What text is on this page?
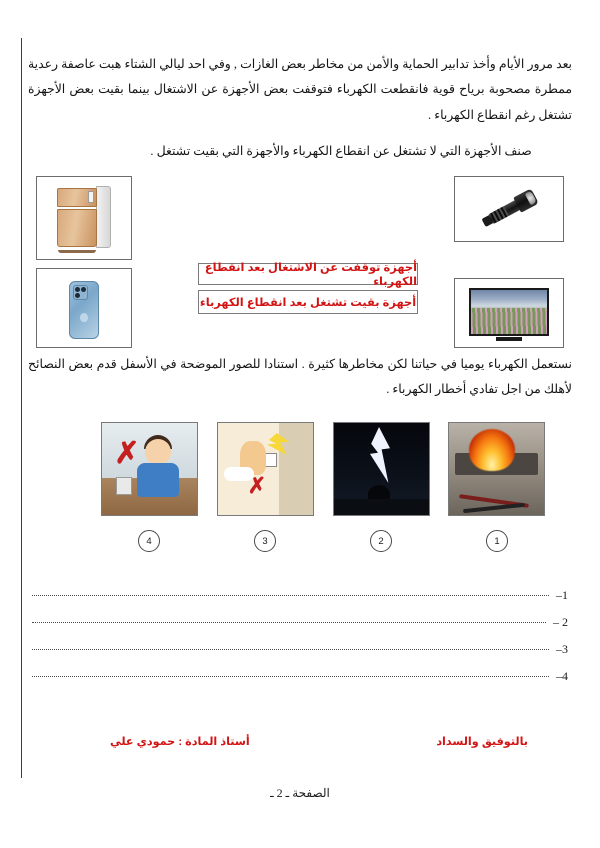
بعد مرور الأيام وأخذ تدابير الحماية والأمن من مخاطر بعض الغازات , وفي احد ليالي الشتاء هبت عاصفة رعدية ممطرة مصحوبة برياح قوية فانقطعت الكهرباء فتوقفت بعض الأجهزة عن الاشتغال بينما بقيت بعض الأجهزة تشتغل رغم انقطاع الكهرباء .
صنف الأجهزة التي لا تشتغل عن انقطاع الكهرباء والأجهزة التي بقيت تشتغل .
أجهزة توقفت عن الاشتغال بعد انقطاع الكهرباء
أجهزة بقيت تشتغل بعد انقطاع الكهرباء
نستعمل الكهرباء يوميا في حياتنا لكن مخاطرها كثيرة . استنادا للصور الموضحة في الأسفل قدم بعض النصائح لأهلك من اجل تفادي أخطار الكهرباء .
✗
✗
1
2
3
4
1–
2 –
3–
4–
بالتوفيق والسداد
أستاذ المادة : حمودي علي
الصفحة ـ 2 ـ
